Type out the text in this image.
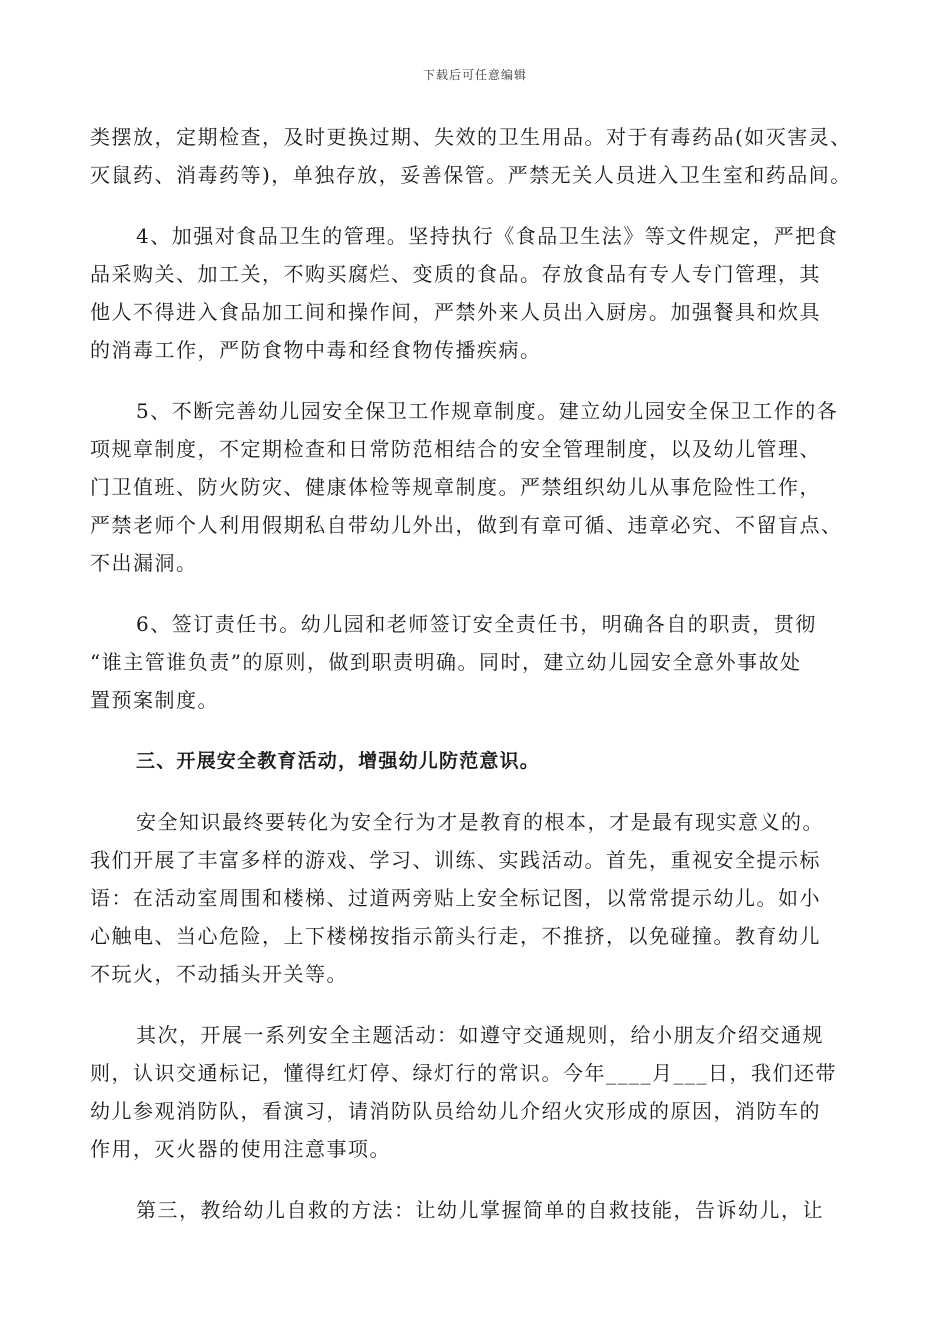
下载后可任意编辑

类摆放，定期检查，及时更换过期、失效的卫生用品。对于有毒药品(如灭害灵、
灭鼠药、消毒药等)，单独存放，妥善保管。严禁无关人员进入卫生室和药品间。

4、加强对食品卫生的管理。坚持执行《食品卫生法》等文件规定，严把食
品采购关、加工关，不购买腐烂、变质的食品。存放食品有专人专门管理，其
他人不得进入食品加工间和操作间，严禁外来人员出入厨房。加强餐具和炊具
的消毒工作，严防食物中毒和经食物传播疾病。

5、不断完善幼儿园安全保卫工作规章制度。建立幼儿园安全保卫工作的各
项规章制度，不定期检查和日常防范相结合的安全管理制度，以及幼儿管理、
门卫值班、防火防灾、健康体检等规章制度。严禁组织幼儿从事危险性工作，
严禁老师个人利用假期私自带幼儿外出，做到有章可循、违章必究、不留盲点、
不出漏洞。

6、签订责任书。幼儿园和老师签订安全责任书，明确各自的职责，贯彻
“谁主管谁负责”的原则，做到职责明确。同时，建立幼儿园安全意外事故处
置预案制度。

三、开展安全教育活动，增强幼儿防范意识。

安全知识最终要转化为安全行为才是教育的根本，才是最有现实意义的。
我们开展了丰富多样的游戏、学习、训练、实践活动。首先，重视安全提示标
语：在活动室周围和楼梯、过道两旁贴上安全标记图，以常常提示幼儿。如小
心触电、当心危险，上下楼梯按指示箭头行走，不推挤，以免碰撞。教育幼儿
不玩火，不动插头开关等。

其次，开展一系列安全主题活动：如遵守交通规则，给小朋友介绍交通规
则，认识交通标记，懂得红灯停、绿灯行的常识。今年____月___日，我们还带
幼儿参观消防队，看演习，请消防队员给幼儿介绍火灾形成的原因，消防车的
作用，灭火器的使用注意事项。

第三，教给幼儿自救的方法：让幼儿掌握简单的自救技能，告诉幼儿，让
